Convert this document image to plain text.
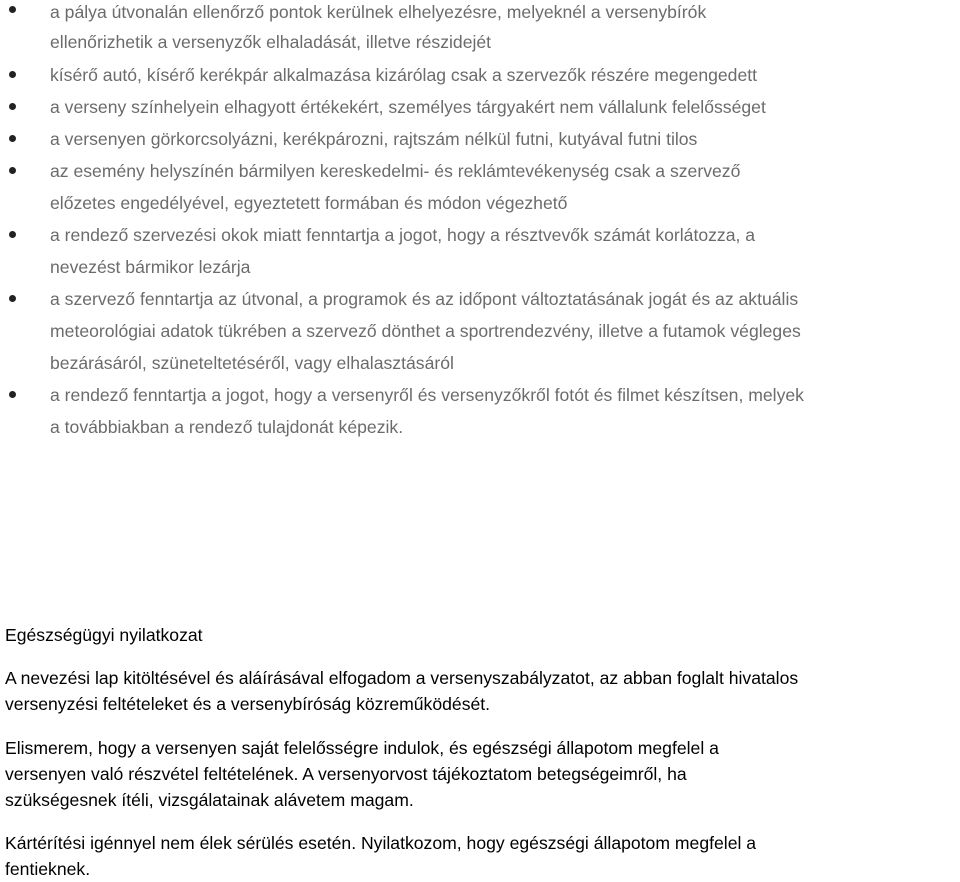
a pálya útvonalán ellenőrző pontok kerülnek elhelyezésre, melyeknél a versenybírók
ellenőrizhetik a versenyzők elhaladását, illetve részidejét
kísérő autó, kísérő kerékpár alkalmazása kizárólag csak a szervezők részére megengedett
a verseny színhelyein elhagyott értékekért, személyes tárgyakért nem vállalunk felelősséget
a versenyen görkorcsolyázni, kerékpározni, rajtszám nélkül futni, kutyával futni tilos
az esemény helyszínén bármilyen kereskedelmi- és reklámtevékenység csak a szervező
előzetes engedélyével, egyeztetett formában és módon végezhető
a rendező szervezési okok miatt fenntartja a jogot, hogy a résztvevők számát korlátozza, a
nevezést bármikor lezárja
a szervező fenntartja az útvonal, a programok és az időpont változtatásának jogát és az aktuális
meteorológiai adatok tükrében a szervező dönthet a sportrendezvény, illetve a futamok végleges
bezárásáról, szüneteltetéséről, vagy elhalasztásáról
a rendező fenntartja a jogot, hogy a versenyről és versenyzőkről fotót és filmet készítsen, melyek
a továbbiakban a rendező tulajdonát képezik.
Egészségügyi nyilatkozat
A nevezési lap kitöltésével és aláírásával elfogadom a versenyszabályzatot, az abban foglalt hivatalos
versenyzési feltételeket és a versenybíróság közreműködését.
Elismerem, hogy a versenyen saját felelősségre indulok, és egészségi állapotom megfelel a
versenyen való részvétel feltételének. A versenyorvost tájékoztatom betegségeimről, ha
szükségesnek ítéli, vizsgálatainak alávetem magam.
Kártérítési igénnyel nem élek sérülés esetén. Nyilatkozom, hogy egészségi állapotom megfelel a
fentieknek.
